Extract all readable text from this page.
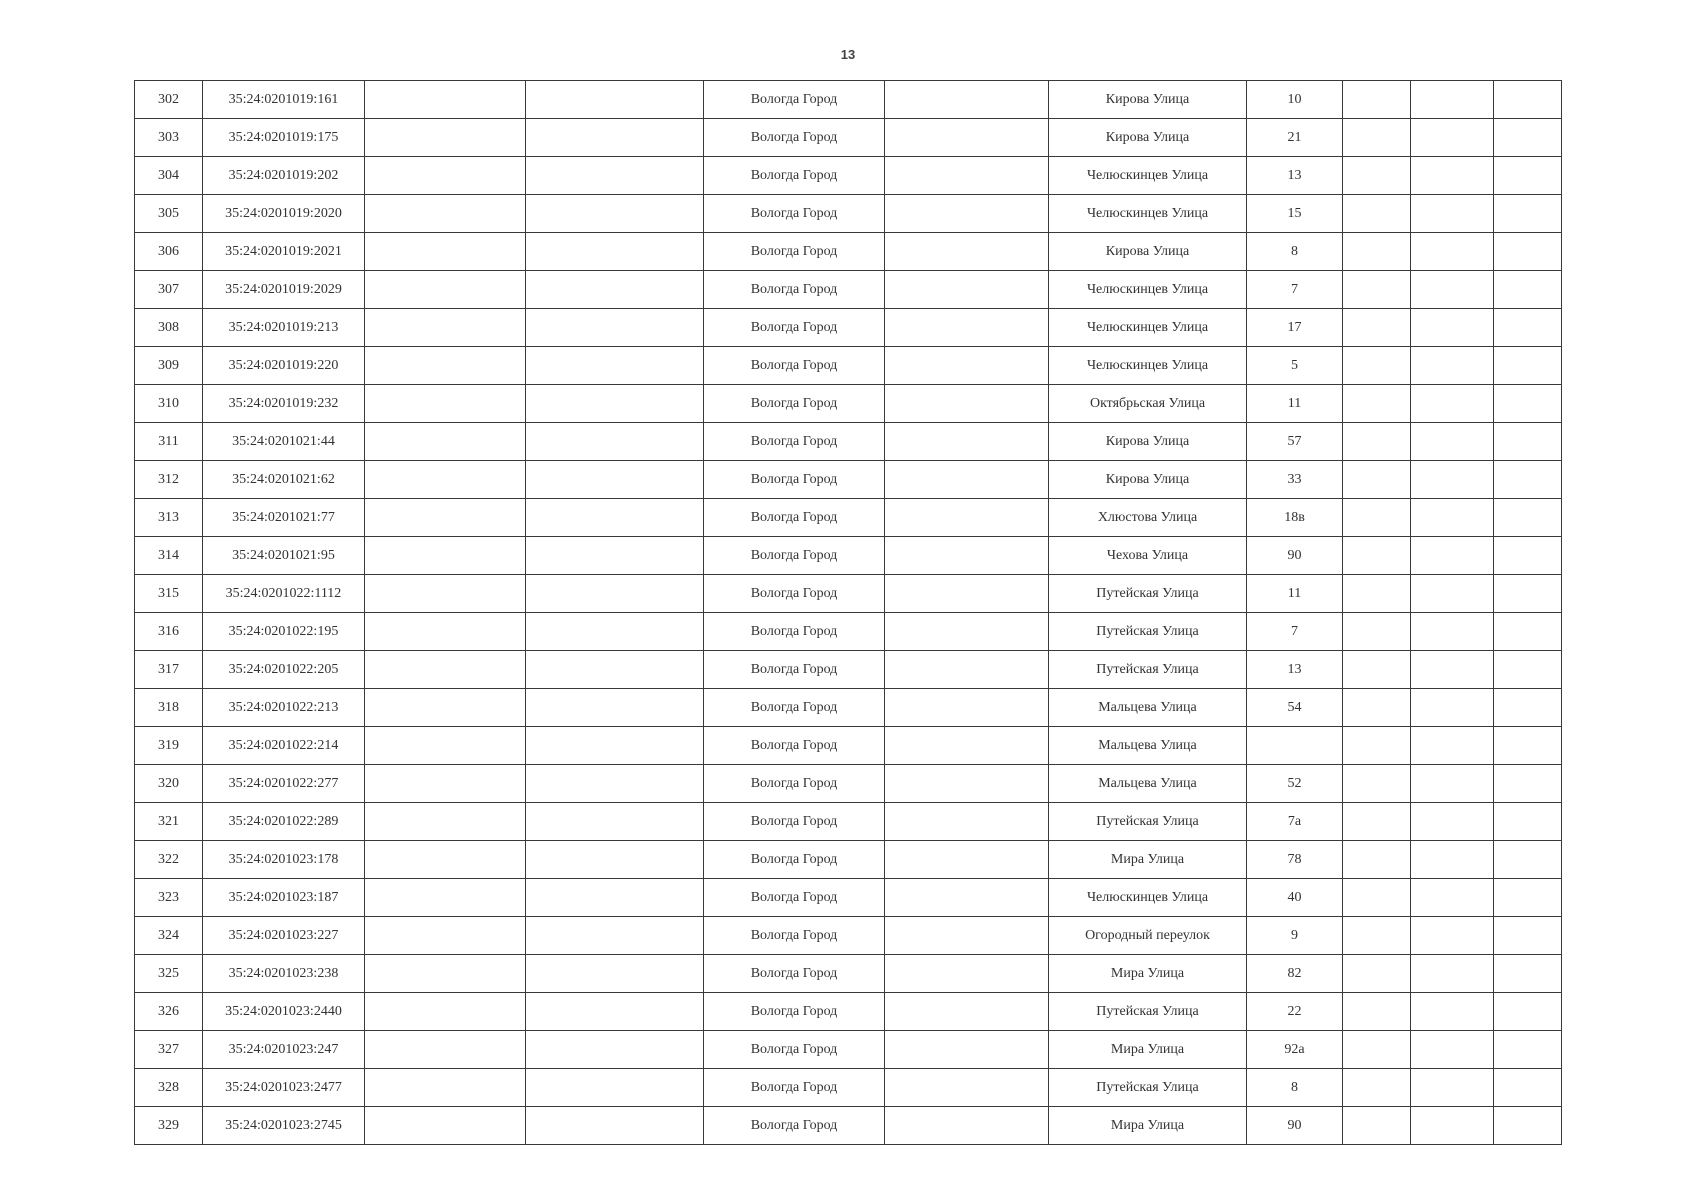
13
302	35:24:0201019:161			Вологда Город		Кирова Улица	10			
303	35:24:0201019:175			Вологда Город		Кирова Улица	21			
304	35:24:0201019:202			Вологда Город		Челюскинцев Улица	13			
305	35:24:0201019:2020			Вологда Город		Челюскинцев Улица	15			
306	35:24:0201019:2021			Вологда Город		Кирова Улица	8			
307	35:24:0201019:2029			Вологда Город		Челюскинцев Улица	7			
308	35:24:0201019:213			Вологда Город		Челюскинцев Улица	17			
309	35:24:0201019:220			Вологда Город		Челюскинцев Улица	5			
310	35:24:0201019:232			Вологда Город		Октябрьская Улица	11			
311	35:24:0201021:44			Вологда Город		Кирова Улица	57			
312	35:24:0201021:62			Вологда Город		Кирова Улица	33			
313	35:24:0201021:77			Вологда Город		Хлюстова Улица	18в			
314	35:24:0201021:95			Вологда Город		Чехова Улица	90			
315	35:24:0201022:1112			Вологда Город		Путейская Улица	11			
316	35:24:0201022:195			Вологда Город		Путейская Улица	7			
317	35:24:0201022:205			Вологда Город		Путейская Улица	13			
318	35:24:0201022:213			Вологда Город		Мальцева Улица	54			
319	35:24:0201022:214			Вологда Город		Мальцева Улица				
320	35:24:0201022:277			Вологда Город		Мальцева Улица	52			
321	35:24:0201022:289			Вологда Город		Путейская Улица	7а			
322	35:24:0201023:178			Вологда Город		Мира Улица	78			
323	35:24:0201023:187			Вологда Город		Челюскинцев Улица	40			
324	35:24:0201023:227			Вологда Город		Огородный переулок	9			
325	35:24:0201023:238			Вологда Город		Мира Улица	82			
326	35:24:0201023:2440			Вологда Город		Путейская Улица	22			
327	35:24:0201023:247			Вологда Город		Мира Улица	92а			
328	35:24:0201023:2477			Вологда Город		Путейская Улица	8			
329	35:24:0201023:2745			Вологда Город		Мира Улица	90			
